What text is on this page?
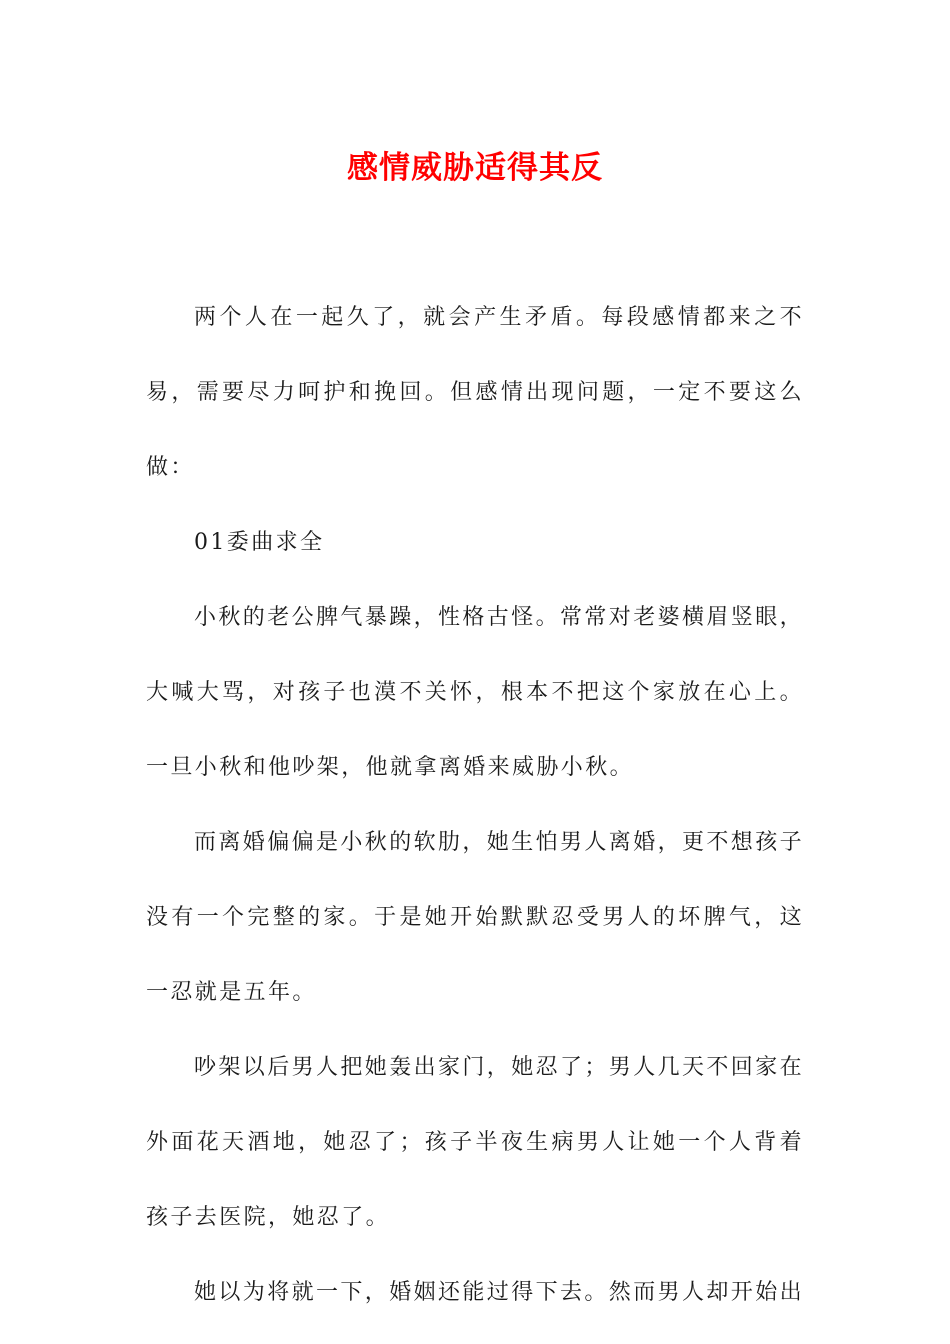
感情威胁适得其反

两个人在一起久了，就会产生矛盾。每段感情都来之不易，需要尽力呵护和挽回。但感情出现问题，一定不要这么做：

01委曲求全

小秋的老公脾气暴躁，性格古怪。常常对老婆横眉竖眼，大喊大骂，对孩子也漠不关怀，根本不把这个家放在心上。一旦小秋和他吵架，他就拿离婚来威胁小秋。

而离婚偏偏是小秋的软肋，她生怕男人离婚，更不想孩子没有一个完整的家。于是她开始默默忍受男人的坏脾气，这一忍就是五年。

吵架以后男人把她轰出家门，她忍了；男人几天不回家在外面花天酒地，她忍了；孩子半夜生病男人让她一个人背着孩子去医院，她忍了。

她以为将就一下，婚姻还能过得下去。然而男人却开始出
